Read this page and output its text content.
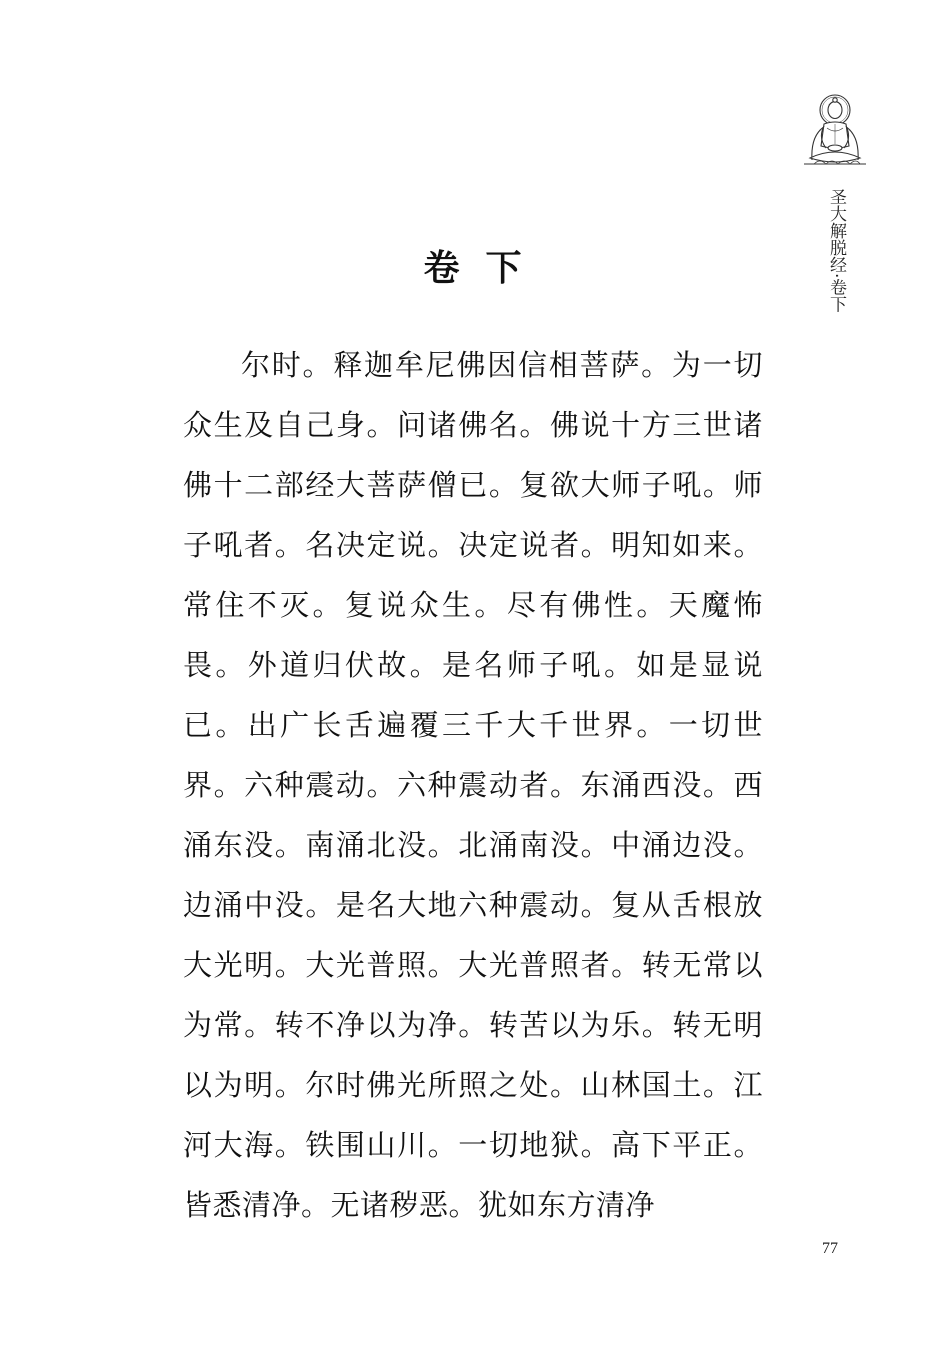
圣大解脱经·卷下
卷下

尔时。释迦牟尼佛因信相菩萨。为一切众生及自己身。问诸佛名。佛说十方三世诸佛十二部经大菩萨僧已。复欲大师子吼。师子吼者。名决定说。决定说者。明知如来。常住不灭。复说众生。尽有佛性。天魔怖畏。外道归伏故。是名师子吼。如是显说已。出广长舌遍覆三千大千世界。一切世界。六种震动。六种震动者。东涌西没。西涌东没。南涌北没。北涌南没。中涌边没。边涌中没。是名大地六种震动。复从舌根放大光明。大光普照。大光普照者。转无常以为常。转不净以为净。转苦以为乐。转无明以为明。尔时佛光所照之处。山林国土。江河大海。铁围山川。一切地狱。高下平正。皆悉清净。无诸秽恶。犹如东方清净

77
